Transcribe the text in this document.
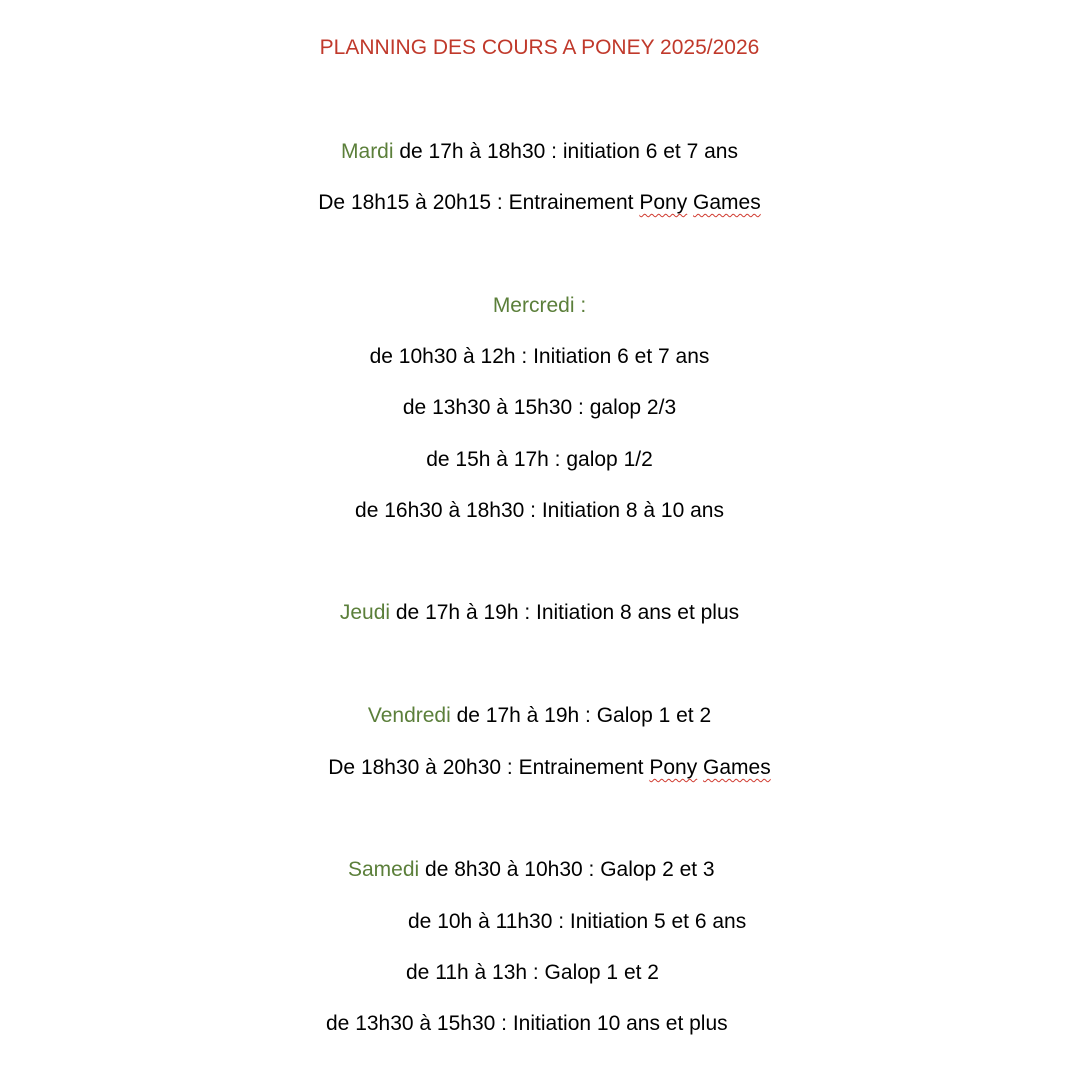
PLANNING DES COURS A PONEY 2025/2026
Mardi de 17h à 18h30 : initiation 6 et 7 ans
De 18h15 à 20h15 : Entrainement Pony Games
Mercredi :
de 10h30 à 12h : Initiation 6 et 7 ans
de 13h30 à 15h30 : galop 2/3
de 15h à 17h : galop 1/2
de 16h30 à 18h30 : Initiation 8 à 10 ans
Jeudi de 17h à 19h : Initiation 8 ans et plus
Vendredi de 17h à 19h : Galop 1 et 2
De 18h30 à 20h30 : Entrainement Pony Games
Samedi de 8h30 à 10h30 : Galop 2 et 3
de 10h à 11h30 : Initiation 5 et 6 ans
de 11h à 13h : Galop 1 et 2
de 13h30 à 15h30 : Initiation 10 ans et plus
